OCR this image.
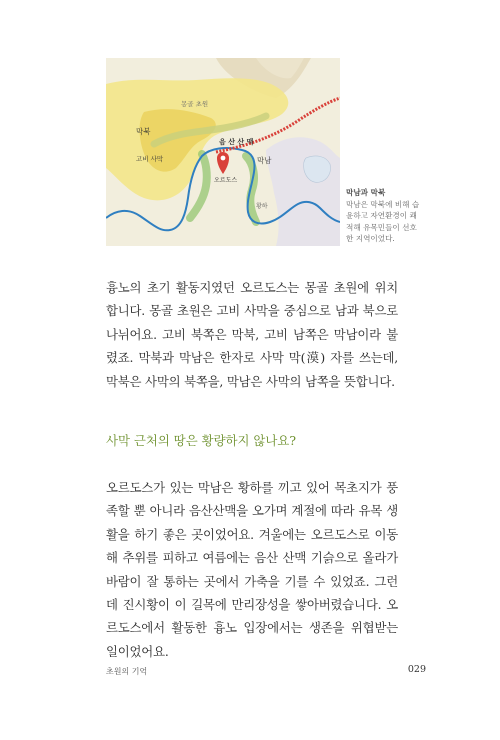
몽골 초원
막북
음 산 산 맥
고비 사막	막남
오르도스
황하
막남과 막북
막남은 막북에 비해 습
윤하고 자연환경이 쾌
적해 유목민들이 선호
한 지역이었다.

흉노의 초기 활동지였던 오르도스는 몽골 초원에 위치합니다. 몽골 초원은 고비 사막을 중심으로 남과 북으로 나뉘어요. 고비 북쪽은 막북, 고비 남쪽은 막남이라 불렸죠. 막북과 막남은 한자로 사막 막(漠) 자를 쓰는데, 막북은 사막의 북쪽을, 막남은 사막의 남쪽을 뜻합니다.

사막 근처의 땅은 황량하지 않나요?

오르도스가 있는 막남은 황하를 끼고 있어 목초지가 풍족할 뿐 아니라 음산산맥을 오가며 계절에 따라 유목 생활을 하기 좋은 곳이었어요. 겨울에는 오르도스로 이동해 추위를 피하고 여름에는 음산 산맥 기슭으로 올라가 바람이 잘 통하는 곳에서 가축을 기를 수 있었죠. 그런데 진시황이 이 길목에 만리장성을 쌓아버렸습니다. 오르도스에서 활동한 흉노 입장에서는 생존을 위협받는 일이었어요.

초원의 기억	029
